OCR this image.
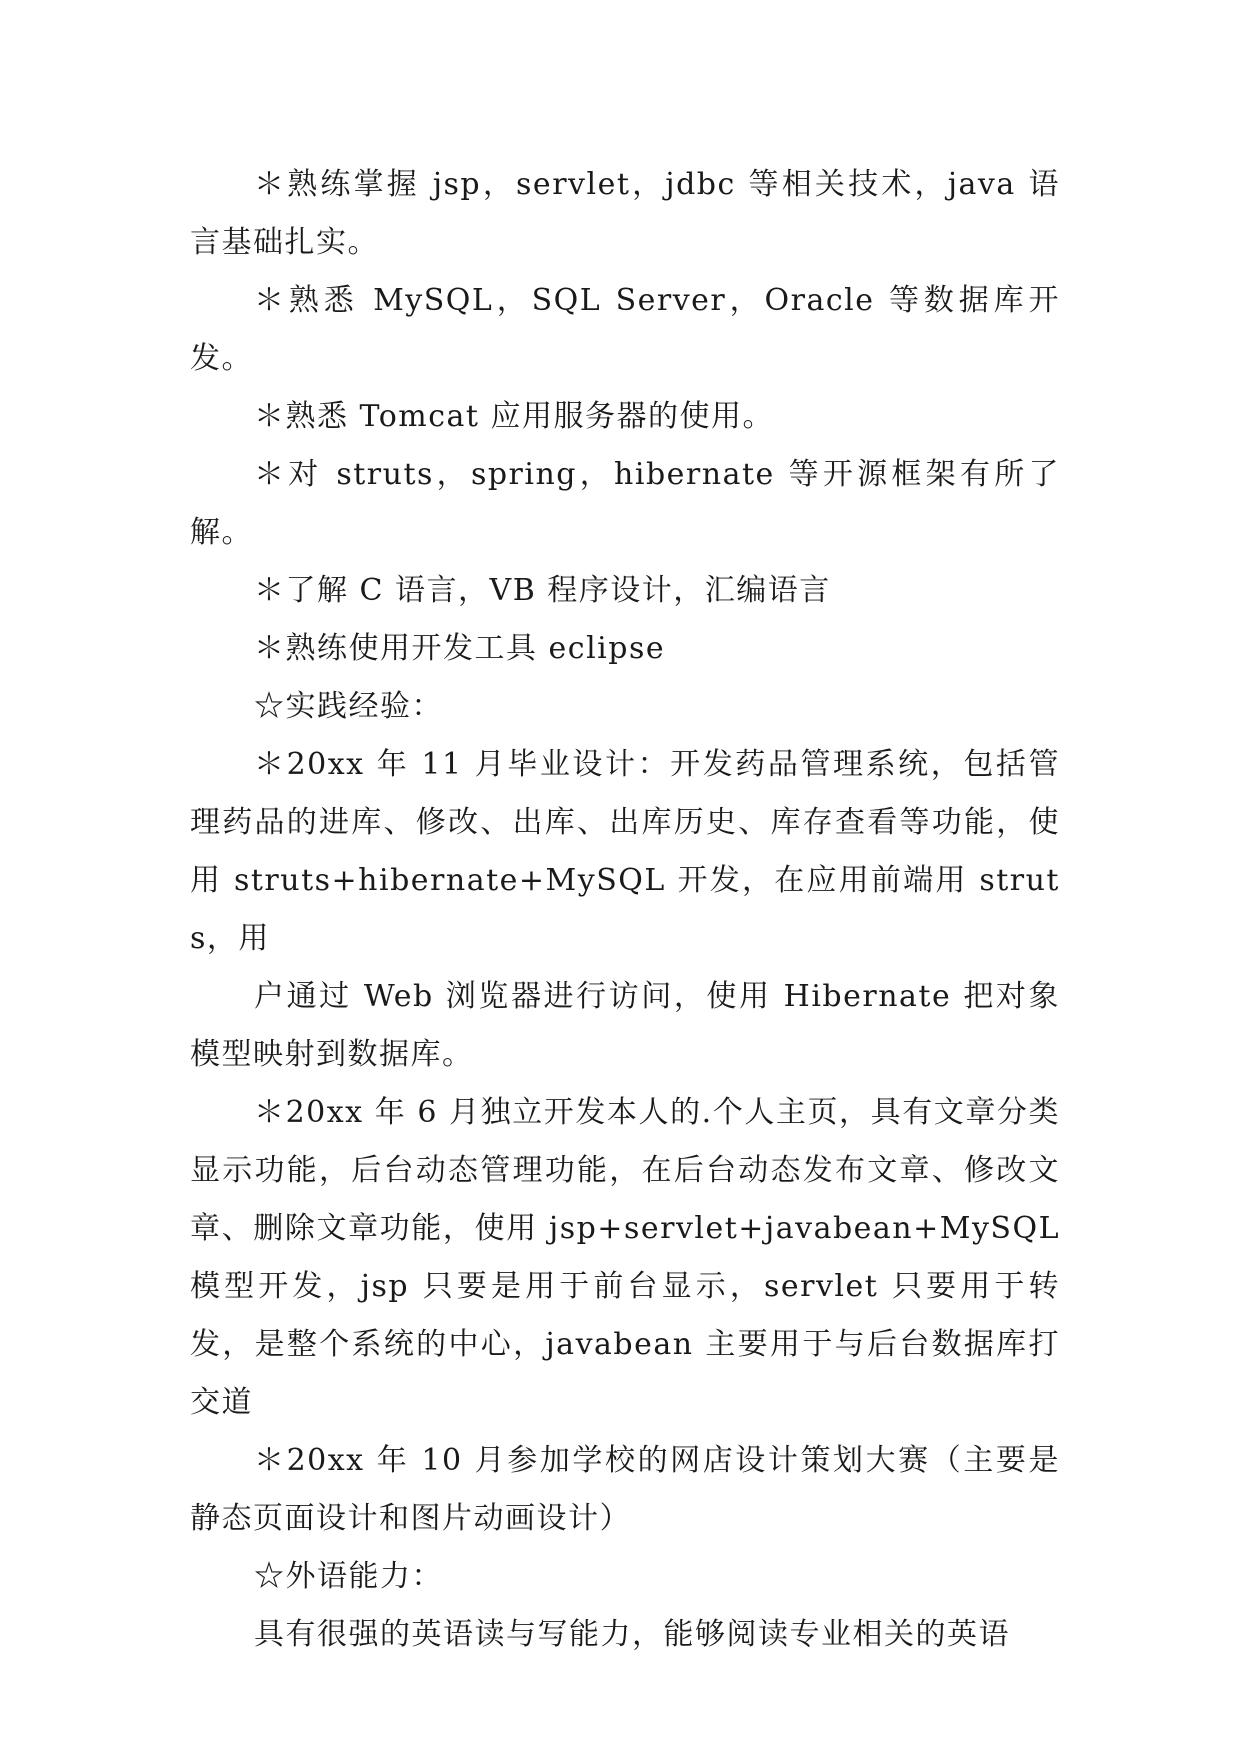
＊熟练掌握 jsp，servlet，jdbc 等相关技术，java 语言基础扎实。

＊熟悉 MySQL，SQL Server，Oracle 等数据库开发。

＊熟悉 Tomcat 应用服务器的使用。

＊对 struts，spring，hibernate 等开源框架有所了解。

＊了解 C 语言，VB 程序设计，汇编语言

＊熟练使用开发工具 eclipse

☆实践经验：

＊20xx 年 11 月毕业设计：开发药品管理系统，包括管理药品的进库、修改、出库、出库历史、库存查看等功能，使用 struts+hibernate+MySQL 开发，在应用前端用 struts，用

户通过 Web 浏览器进行访问，使用 Hibernate 把对象模型映射到数据库。

＊20xx 年 6 月独立开发本人的.个人主页，具有文章分类显示功能，后台动态管理功能，在后台动态发布文章、修改文章、删除文章功能，使用 jsp+servlet+javabean+MySQL 模型开发，jsp 只要是用于前台显示，servlet 只要用于转发，是整个系统的中心，javabean 主要用于与后台数据库打交道

＊20xx 年 10 月参加学校的网店设计策划大赛（主要是静态页面设计和图片动画设计）

☆外语能力：

具有很强的英语读与写能力，能够阅读专业相关的英语
